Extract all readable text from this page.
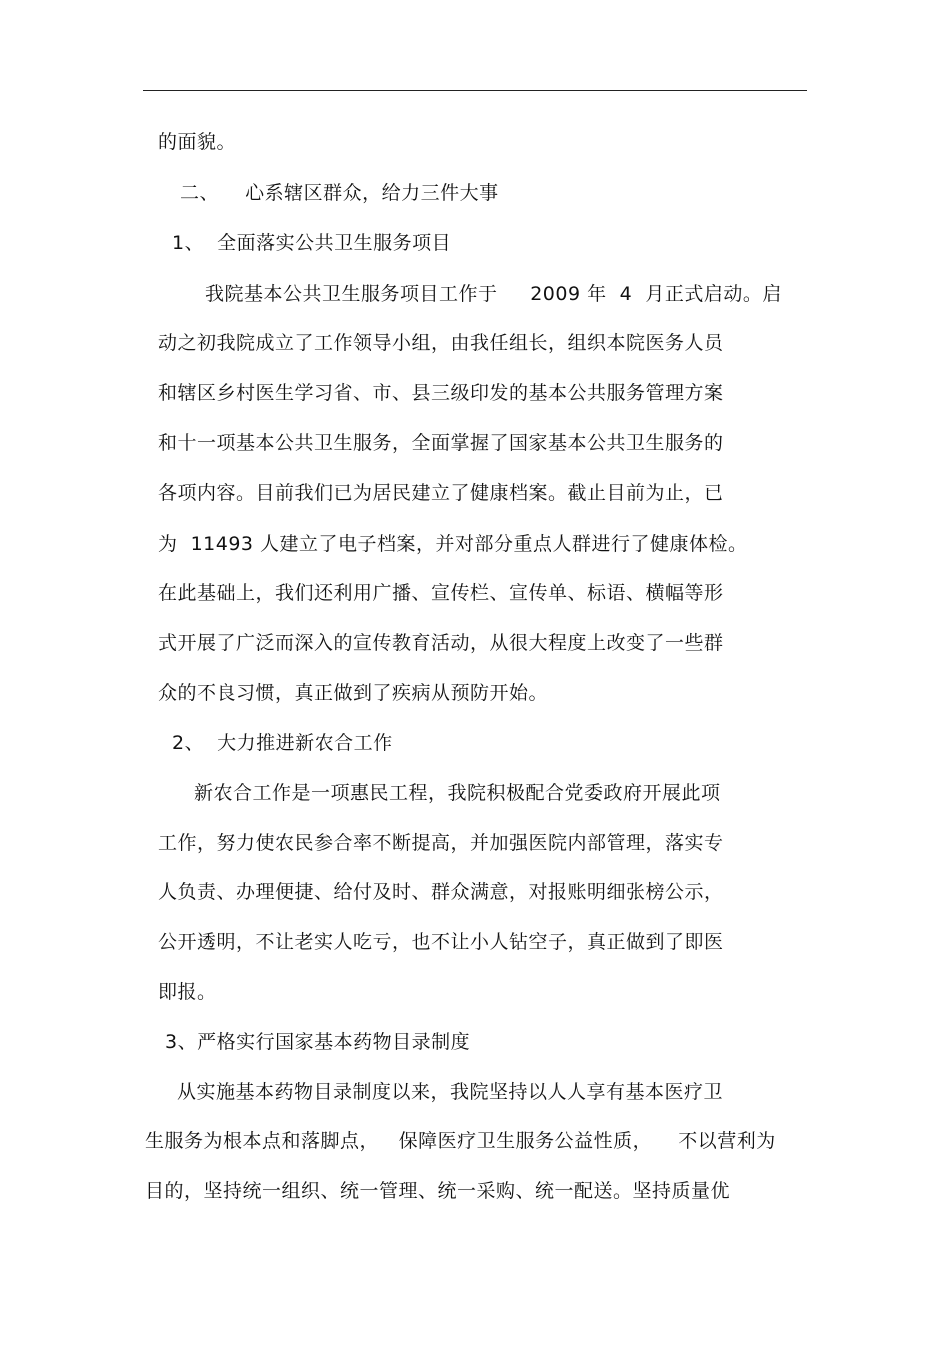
的面貌。
二、    心系辖区群众，给力三件大事
1、  全面落实公共卫生服务项目
我院基本公共卫生服务项目工作于     2009 年  4  月正式启动。启
动之初我院成立了工作领导小组，由我任组长，组织本院医务人员
和辖区乡村医生学习省、市、县三级印发的基本公共服务管理方案
和十一项基本公共卫生服务，全面掌握了国家基本公共卫生服务的
各项内容。目前我们已为居民建立了健康档案。截止目前为止，已
为  11493 人建立了电子档案，并对部分重点人群进行了健康体检。
在此基础上，我们还利用广播、宣传栏、宣传单、标语、横幅等形
式开展了广泛而深入的宣传教育活动，从很大程度上改变了一些群
众的不良习惯，真正做到了疾病从预防开始。
2、  大力推进新农合工作
新农合工作是一项惠民工程，我院积极配合党委政府开展此项
工作，努力使农民参合率不断提高，并加强医院内部管理，落实专
人负责、办理便捷、给付及时、群众满意，对报账明细张榜公示，
公开透明，不让老实人吃亏，也不让小人钻空子，真正做到了即医
即报。
3、严格实行国家基本药物目录制度
从实施基本药物目录制度以来，我院坚持以人人享有基本医疗卫
生服务为根本点和落脚点，   保障医疗卫生服务公益性质，    不以营利为
目的，坚持统一组织、统一管理、统一采购、统一配送。坚持质量优
